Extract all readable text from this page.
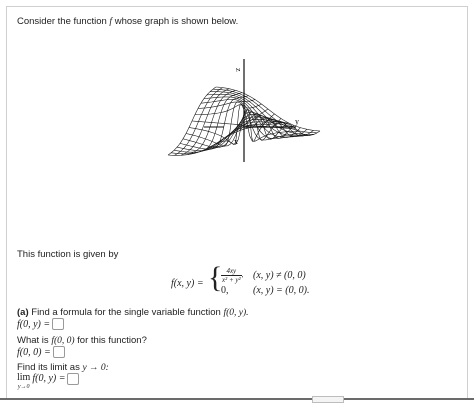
Consider the function f whose graph is shown below.
z
x
y
This function is given by
f(x, y) = {
$\frac{4xy}{\text{x² + y²}}$ , (x, y) ≠ (0, 0)
0, (x, y) = (0, 0).
(a) Find a formula for the single variable function f(0, y).
f(0, y) =
What is f(0, 0) for this function?
f(0, 0) =
Find its limit as y → 0:
lim
y→0
f(0, y) =
